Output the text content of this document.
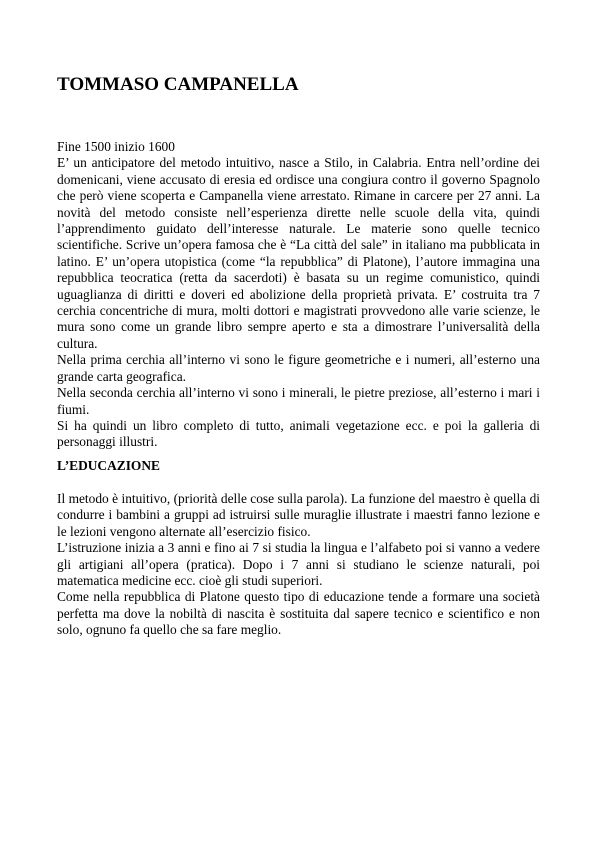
TOMMASO CAMPANELLA

Fine 1500 inizio 1600

E’ un anticipatore del metodo intuitivo, nasce a Stilo, in Calabria. Entra nell’ordine dei domenicani, viene accusato di eresia ed ordisce una congiura contro il governo Spagnolo che però viene scoperta e Campanella viene arrestato. Rimane in carcere per 27 anni. La novità del metodo consiste nell’esperienza dirette nelle scuole della vita, quindi l’apprendimento guidato dell’interesse naturale. Le materie sono quelle tecnico scientifiche. Scrive un’opera famosa che è “La città del sale” in italiano ma pubblicata in latino. E’ un’opera utopistica (come “la repubblica” di Platone), l’autore immagina una repubblica teocratica (retta da sacerdoti) è basata su un regime comunistico, quindi uguaglianza di diritti e doveri ed abolizione della proprietà privata. E’ costruita tra 7 cerchia concentriche di mura, molti dottori e magistrati provvedono alle varie scienze, le mura sono come un grande libro sempre aperto e sta a dimostrare l’universalità della cultura.

Nella prima cerchia all’interno vi sono le figure geometriche e i numeri, all’esterno una grande carta geografica.

Nella seconda cerchia all’interno vi sono i minerali, le pietre preziose, all’esterno i mari i fiumi.

Si ha quindi un libro completo di tutto, animali vegetazione ecc. e poi la galleria di personaggi illustri.

L’EDUCAZIONE

Il metodo è intuitivo, (priorità delle cose sulla parola). La funzione del maestro è quella di condurre i bambini a gruppi ad istruirsi sulle muraglie illustrate i maestri fanno lezione e le lezioni vengono alternate all’esercizio fisico.

L’istruzione inizia a 3 anni e fino ai 7 si studia la lingua e l’alfabeto poi si vanno a vedere gli artigiani all’opera (pratica). Dopo i 7 anni si studiano le scienze naturali, poi matematica medicine ecc. cioè gli studi superiori.

Come nella repubblica di Platone questo tipo di educazione tende a formare una società perfetta ma dove la nobiltà di nascita è sostituita dal sapere tecnico e scientifico e non solo, ognuno fa quello che sa fare meglio.
